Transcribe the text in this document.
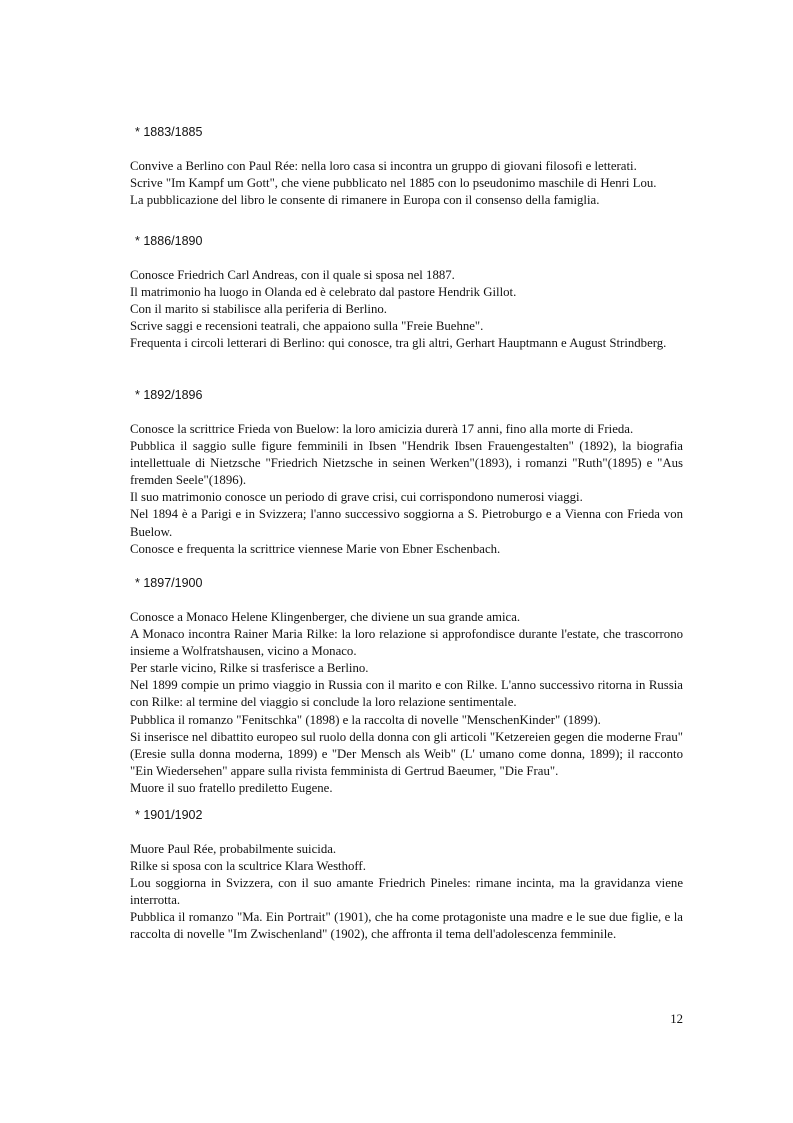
* 1883/1885

Convive a Berlino con Paul Rée: nella loro casa si incontra un gruppo di giovani filosofi e letterati.

Scrive "Im Kampf um Gott", che viene pubblicato nel 1885 con lo pseudonimo maschile di Henri Lou.

La pubblicazione del libro le consente di rimanere in Europa con il consenso della famiglia.

* 1886/1890

Conosce Friedrich Carl Andreas, con il quale si sposa nel 1887.

Il matrimonio ha luogo in Olanda ed è celebrato dal pastore Hendrik Gillot.

Con il marito si stabilisce alla periferia di Berlino.

Scrive saggi e recensioni teatrali, che appaiono sulla "Freie Buehne".

Frequenta i circoli letterari di Berlino: qui conosce, tra gli altri, Gerhart Hauptmann e August Strindberg.

* 1892/1896

Conosce la scrittrice Frieda von Buelow: la loro amicizia durerà 17 anni, fino alla morte di Frieda.

Pubblica il saggio sulle figure femminili in Ibsen "Hendrik Ibsen Frauengestalten" (1892), la biografia intellettuale di Nietzsche "Friedrich Nietzsche in seinen Werken"(1893), i romanzi "Ruth"(1895) e "Aus fremden Seele"(1896).

Il suo matrimonio conosce un periodo di grave crisi, cui corrispondono numerosi viaggi.

Nel 1894 è a Parigi e in Svizzera; l'anno successivo soggiorna a S. Pietroburgo e a Vienna con Frieda von Buelow.

Conosce e frequenta la scrittrice viennese Marie von Ebner Eschenbach.

* 1897/1900

Conosce a Monaco Helene Klingenberger, che diviene un sua grande amica.

A Monaco incontra Rainer Maria Rilke: la loro relazione si approfondisce durante l'estate, che trascorrono insieme a Wolfratshausen, vicino a Monaco.

Per starle vicino, Rilke si trasferisce a Berlino.

Nel 1899 compie un primo viaggio in Russia con il marito e con Rilke. L'anno successivo ritorna in Russia con Rilke: al termine del viaggio si conclude la loro relazione sentimentale.

Pubblica il romanzo "Fenitschka" (1898) e la raccolta di novelle "MenschenKinder" (1899).

Si inserisce nel dibattito europeo sul ruolo della donna con gli articoli "Ketzereien gegen die moderne Frau" (Eresie sulla donna moderna, 1899) e "Der Mensch als Weib" (L' umano come donna, 1899); il racconto "Ein Wiedersehen" appare sulla rivista femminista di Gertrud Baeumer, "Die Frau".

Muore il suo fratello prediletto Eugene.

* 1901/1902

Muore Paul Rée, probabilmente suicida.

Rilke si sposa con la scultrice Klara Westhoff.

Lou soggiorna in Svizzera, con il suo amante Friedrich Pineles: rimane incinta, ma la gravidanza viene interrotta.

Pubblica il romanzo "Ma. Ein Portrait" (1901), che ha come protagoniste una madre e le sue due figlie, e la raccolta di novelle "Im Zwischenland" (1902), che affronta il tema dell'adolescenza femminile.

12
